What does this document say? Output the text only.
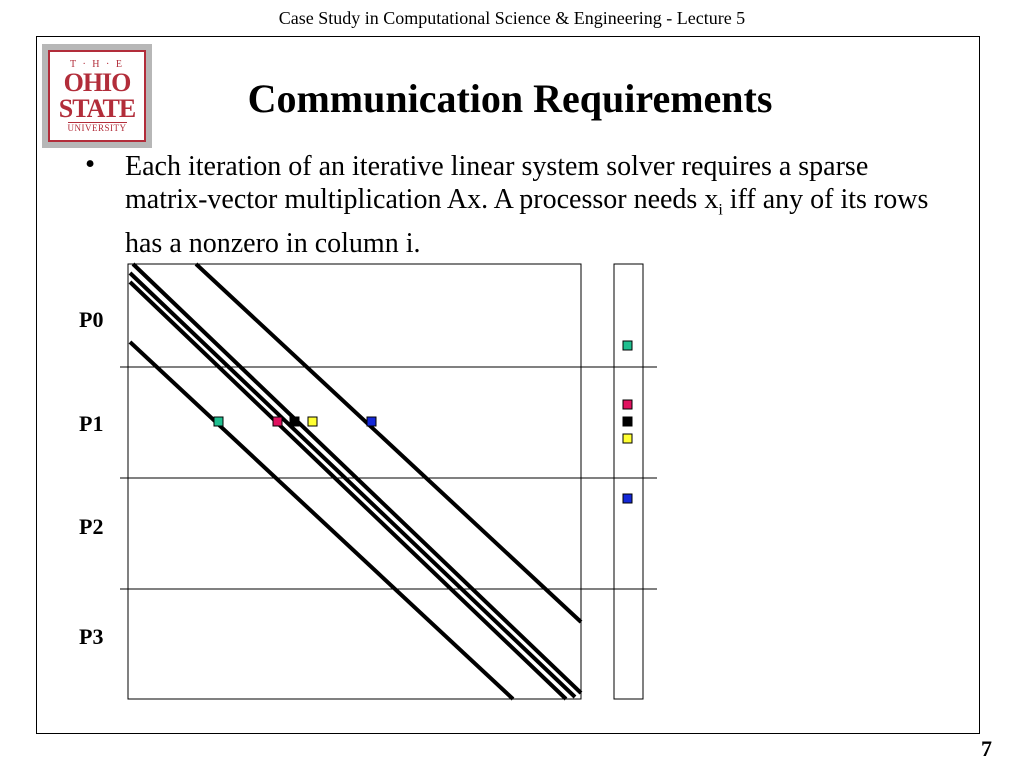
Case Study in Computational Science & Engineering - Lecture 5
T · H · E
OHIO
STATE
UNIVERSITY
Communication Requirements
• Each iteration of an iterative linear system solver requires a sparse matrix-vector multiplication Ax. A processor needs $x_i$ iff any of its rows has a nonzero in column i.
P0
P1
P2
P3
7
